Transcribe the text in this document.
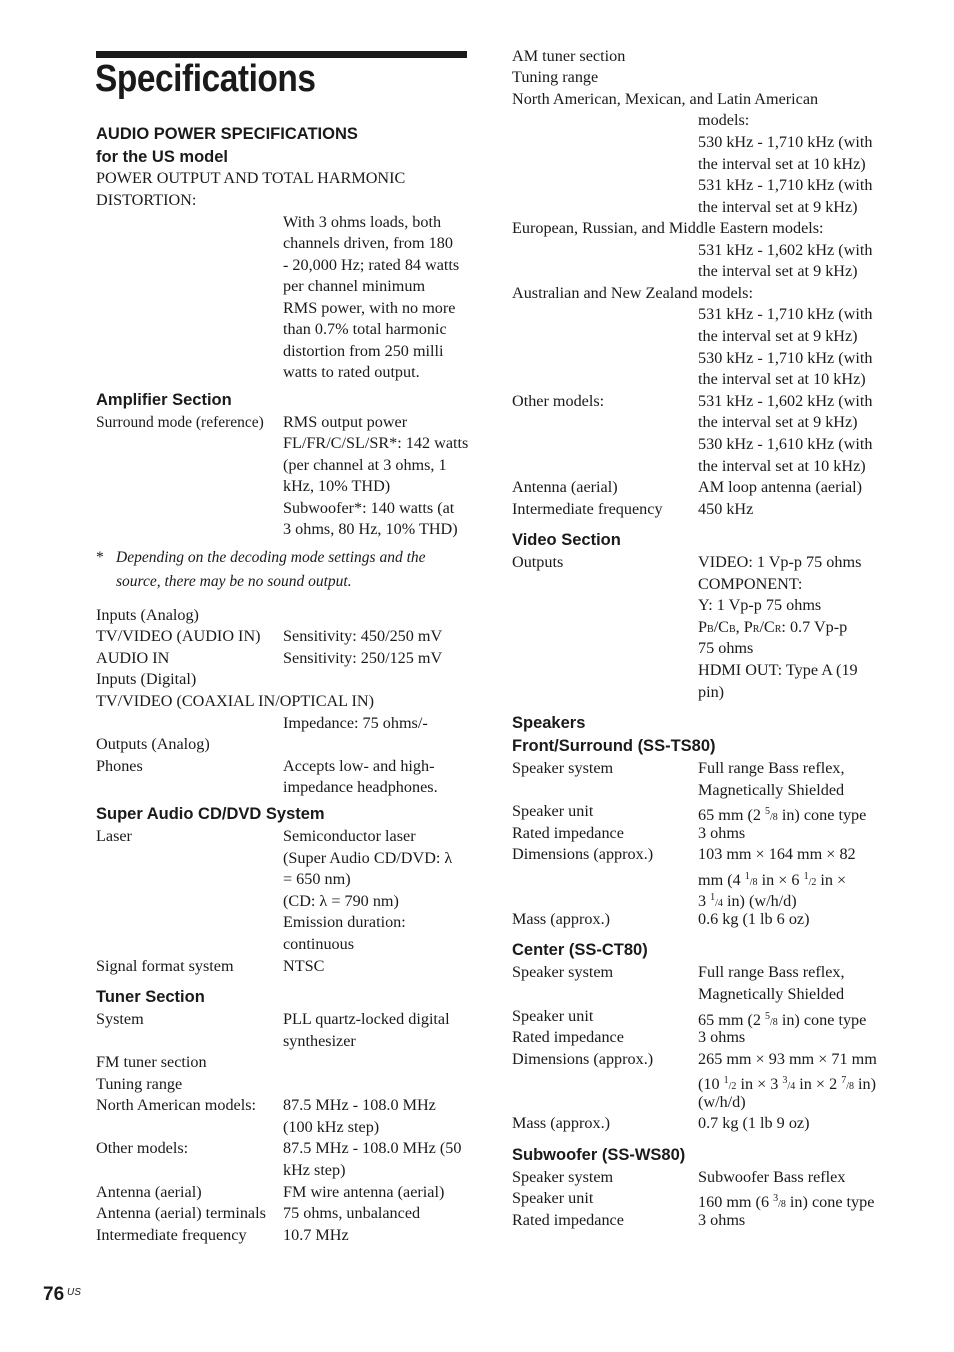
Specifications
AUDIO POWER SPECIFICATIONS
for the US model
POWER OUTPUT AND TOTAL HARMONIC
DISTORTION:
With 3 ohms loads, both
channels driven, from 180
- 20,000 Hz; rated 84 watts
per channel minimum
RMS power, with no more
than 0.7% total harmonic
distortion from 250 milli
watts to rated output.
Amplifier Section
Surround mode (reference) RMS output power
FL/FR/C/SL/SR*: 142 watts
(per channel at 3 ohms, 1
kHz, 10% THD)
Subwoofer*: 140 watts (at
3 ohms, 80 Hz, 10% THD)
* Depending on the decoding mode settings and the
source, there may be no sound output.
Inputs (Analog)
TV/VIDEO (AUDIO IN) Sensitivity: 450/250 mV
AUDIO IN	Sensitivity: 250/125 mV
Inputs (Digital)
TV/VIDEO (COAXIAL IN/OPTICAL IN)
Impedance: 75 ohms/-
Outputs (Analog)
Phones	Accepts low- and high-
impedance headphones.
Super Audio CD/DVD System
Laser	Semiconductor laser
(Super Audio CD/DVD: λ
= 650 nm)
(CD: λ = 790 nm)
Emission duration:
continuous
Signal format system	NTSC
Tuner Section
System	PLL quartz-locked digital
synthesizer
FM tuner section
Tuning range
North American models: 87.5 MHz - 108.0 MHz
(100 kHz step)
Other models:	87.5 MHz - 108.0 MHz (50
kHz step)
Antenna (aerial)	FM wire antenna (aerial)
Antenna (aerial) terminals 75 ohms, unbalanced
Intermediate frequency 10.7 MHz
AM tuner section
Tuning range
North American, Mexican, and Latin American
models:
530 kHz - 1,710 kHz (with
the interval set at 10 kHz)
531 kHz - 1,710 kHz (with
the interval set at 9 kHz)
European, Russian, and Middle Eastern models:
531 kHz - 1,602 kHz (with
the interval set at 9 kHz)
Australian and New Zealand models:
531 kHz - 1,710 kHz (with
the interval set at 9 kHz)
530 kHz - 1,710 kHz (with
the interval set at 10 kHz)
Other models:	531 kHz - 1,602 kHz (with
the interval set at 9 kHz)
530 kHz - 1,610 kHz (with
the interval set at 10 kHz)
Antenna (aerial)	AM loop antenna (aerial)
Intermediate frequency 450 kHz
Video Section
Outputs	VIDEO: 1 Vp-p 75 ohms
COMPONENT:
Y: 1 Vp-p 75 ohms
PB/CB, PR/CR: 0.7 Vp-p
75 ohms
HDMI OUT: Type A (19
pin)
Speakers
Front/Surround (SS-TS80)
Speaker system	Full range Bass reflex,
Magnetically Shielded
Speaker unit	65 mm (2 $^5$/8 in) cone type
Rated impedance	3 ohms
Dimensions (approx.)	103 mm × 164 mm × 82
mm (4 $^1$/8 in × 6 $^1$/2 in ×
3 $^1$/4 in) (w/h/d)
Mass (approx.)	0.6 kg (1 lb 6 oz)
Center (SS-CT80)
Speaker system	Full range Bass reflex,
Magnetically Shielded
Speaker unit	65 mm (2 $^5$/8 in) cone type
Rated impedance	3 ohms
Dimensions (approx.)	265 mm × 93 mm × 71 mm
(10 $^1$/2 in × 3 $^3$/4 in × 2 $^7$/8 in)
(w/h/d)
Mass (approx.)	0.7 kg (1 lb 9 oz)
Subwoofer (SS-WS80)
Speaker system	Subwoofer Bass reflex
Speaker unit	160 mm (6 $^3$/8 in) cone type
Rated impedance	3 ohms
76 US
